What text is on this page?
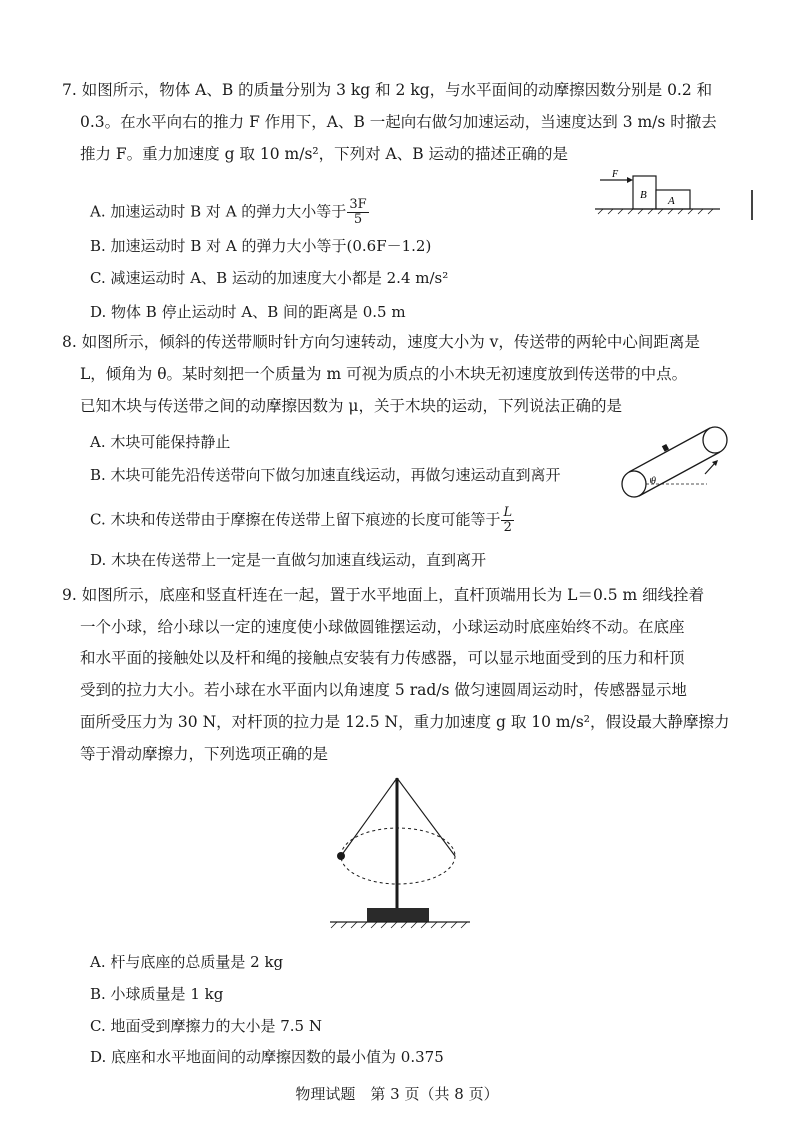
7. 如图所示，物体 A、B 的质量分别为 3 kg 和 2 kg，与水平面间的动摩擦因数分别是 0.2 和
0.3。在水平向右的推力 F 作用下，A、B 一起向右做匀加速运动，当速度达到 3 m/s 时撤去
推力 F。重力加速度 g 取 10 m/s²，下列对 A、B 运动的描述正确的是
A. 加速运动时 B 对 A 的弹力大小等于 $\frac{3F}{5}$
B. 加速运动时 B 对 A 的弹力大小等于(0.6F－1.2)
C. 减速运动时 A、B 运动的加速度大小都是 2.4 m/s²
D. 物体 B 停止运动时 A、B 间的距离是 0.5 m
F
B A
8. 如图所示，倾斜的传送带顺时针方向匀速转动，速度大小为 v，传送带的两轮中心间距离是
L，倾角为 θ。某时刻把一个质量为 m 可视为质点的小木块无初速度放到传送带的中点。
已知木块与传送带之间的动摩擦因数为 μ，关于木块的运动，下列说法正确的是
A. 木块可能保持静止
B. 木块可能先沿传送带向下做匀加速直线运动，再做匀速运动直到离开
C. 木块和传送带由于摩擦在传送带上留下痕迹的长度可能等于 $\frac{L}{2}$
D. 木块在传送带上一定是一直做匀加速直线运动，直到离开
θ
9. 如图所示，底座和竖直杆连在一起，置于水平地面上，直杆顶端用长为 L＝0.5 m 细线拴着
一个小球，给小球以一定的速度使小球做圆锥摆运动，小球运动时底座始终不动。在底座
和水平面的接触处以及杆和绳的接触点安装有力传感器，可以显示地面受到的压力和杆顶
受到的拉力大小。若小球在水平面内以角速度 5 rad/s 做匀速圆周运动时，传感器显示地
面所受压力为 30 N，对杆顶的拉力是 12.5 N，重力加速度 g 取 10 m/s²，假设最大静摩擦力
等于滑动摩擦力，下列选项正确的是
A. 杆与底座的总质量是 2 kg
B. 小球质量是 1 kg
C. 地面受到摩擦力的大小是 7.5 N
D. 底座和水平地面间的动摩擦因数的最小值为 0.375
物理试题　第 3 页（共 8 页）
